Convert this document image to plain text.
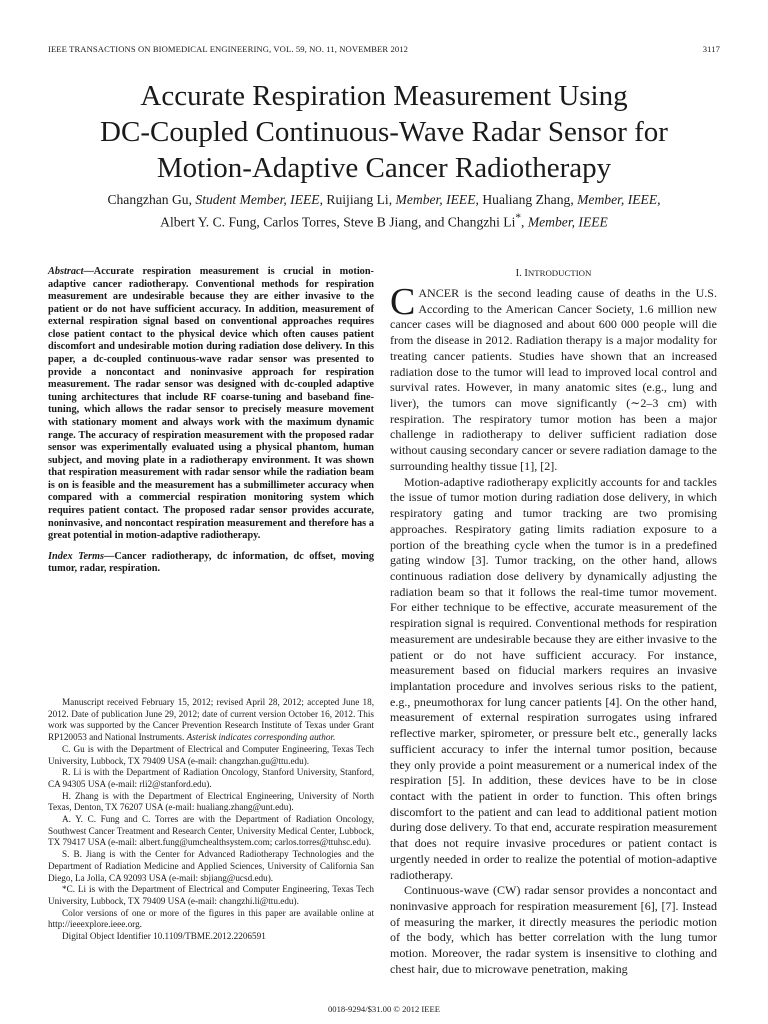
IEEE TRANSACTIONS ON BIOMEDICAL ENGINEERING, VOL. 59, NO. 11, NOVEMBER 2012	3117
Accurate Respiration Measurement Using
DC-Coupled Continuous-Wave Radar Sensor for
Motion-Adaptive Cancer Radiotherapy
Changzhan Gu, Student Member, IEEE, Ruijiang Li, Member, IEEE, Hualiang Zhang, Member, IEEE,
Albert Y. C. Fung, Carlos Torres, Steve B Jiang, and Changzhi Li*, Member, IEEE

Abstract—Accurate respiration measurement is crucial in motion-adaptive cancer radiotherapy. Conventional methods for respiration measurement are undesirable because they are either invasive to the patient or do not have sufficient accuracy. In addition, measurement of external respiration signal based on conventional approaches requires close patient contact to the physical device which often causes patient discomfort and undesirable motion during radiation dose delivery. In this paper, a dc-coupled continuous-wave radar sensor was presented to provide a noncontact and noninvasive approach for respiration measurement. The radar sensor was designed with dc-coupled adaptive tuning architectures that include RF coarse-tuning and baseband fine-tuning, which allows the radar sensor to precisely measure movement with stationary moment and always work with the maximum dynamic range. The accuracy of respiration measurement with the proposed radar sensor was experimentally evaluated using a physical phantom, human subject, and moving plate in a radiotherapy environment. It was shown that respiration measurement with radar sensor while the radiation beam is on is feasible and the measurement has a submillimeter accuracy when compared with a commercial respiration monitoring system which requires patient contact. The proposed radar sensor provides accurate, noninvasive, and noncontact respiration measurement and therefore has a great potential in motion-adaptive radiotherapy.

Index Terms—Cancer radiotherapy, dc information, dc offset, moving tumor, radar, respiration.

Manuscript received February 15, 2012; revised April 28, 2012; accepted June 18, 2012. Date of publication June 29, 2012; date of current version October 16, 2012. This work was supported by the Cancer Prevention Research Institute of Texas under Grant RP120053 and National Instruments. Asterisk indicates corresponding author.

C. Gu is with the Department of Electrical and Computer Engineering, Texas Tech University, Lubbock, TX 79409 USA (e-mail: changzhan.gu@ttu.edu).

R. Li is with the Department of Radiation Oncology, Stanford University, Stanford, CA 94305 USA (e-mail: rli2@stanford.edu).

H. Zhang is with the Department of Electrical Engineering, University of North Texas, Denton, TX 76207 USA (e-mail: hualiang.zhang@unt.edu).

A. Y. C. Fung and C. Torres are with the Department of Radiation Oncology, Southwest Cancer Treatment and Research Center, University Medical Center, Lubbock, TX 79417 USA (e-mail: albert.fung@umchealthsystem.com; carlos.torres@ttuhsc.edu).

S. B. Jiang is with the Center for Advanced Radiotherapy Technologies and the Department of Radiation Medicine and Applied Sciences, University of California San Diego, La Jolla, CA 92093 USA (e-mail: sbjiang@ucsd.edu).

*C. Li is with the Department of Electrical and Computer Engineering, Texas Tech University, Lubbock, TX 79409 USA (e-mail: changzhi.li@ttu.edu).

Color versions of one or more of the figures in this paper are available online at http://ieeexplore.ieee.org.

Digital Object Identifier 10.1109/TBME.2012.2206591

I. INTRODUCTION

CANCER is the second leading cause of deaths in the U.S. According to the American Cancer Society, 1.6 million new cancer cases will be diagnosed and about 600 000 people will die from the disease in 2012. Radiation therapy is a major modality for treating cancer patients. Studies have shown that an increased radiation dose to the tumor will lead to improved local control and survival rates. However, in many anatomic sites (e.g., lung and liver), the tumors can move significantly (∼2–3 cm) with respiration. The respiratory tumor motion has been a major challenge in radiotherapy to deliver sufficient radiation dose without causing secondary cancer or severe radiation damage to the surrounding healthy tissue [1], [2].

Motion-adaptive radiotherapy explicitly accounts for and tackles the issue of tumor motion during radiation dose delivery, in which respiratory gating and tumor tracking are two promising approaches. Respiratory gating limits radiation exposure to a portion of the breathing cycle when the tumor is in a predefined gating window [3]. Tumor tracking, on the other hand, allows continuous radiation dose delivery by dynamically adjusting the radiation beam so that it follows the real-time tumor movement. For either technique to be effective, accurate measurement of the respiration signal is required. Conventional methods for respiration measurement are undesirable because they are either invasive to the patient or do not have sufficient accuracy. For instance, measurement based on fiducial markers requires an invasive implantation procedure and involves serious risks to the patient, e.g., pneumothorax for lung cancer patients [4]. On the other hand, measurement of external respiration surrogates using infrared reflective marker, spirometer, or pressure belt etc., generally lacks sufficient accuracy to infer the internal tumor position, because they only provide a point measurement or a numerical index of the respiration [5]. In addition, these devices have to be in close contact with the patient in order to function. This often brings discomfort to the patient and can lead to additional patient motion during dose delivery. To that end, accurate respiration measurement that does not require invasive procedures or patient contact is urgently needed in order to realize the potential of motion-adaptive radiotherapy.

Continuous-wave (CW) radar sensor provides a noncontact and noninvasive approach for respiration measurement [6], [7]. Instead of measuring the marker, it directly measures the periodic motion of the body, which has better correlation with the lung tumor motion. Moreover, the radar system is insensitive to clothing and chest hair, due to microwave penetration, making

0018-9294/$31.00 © 2012 IEEE
